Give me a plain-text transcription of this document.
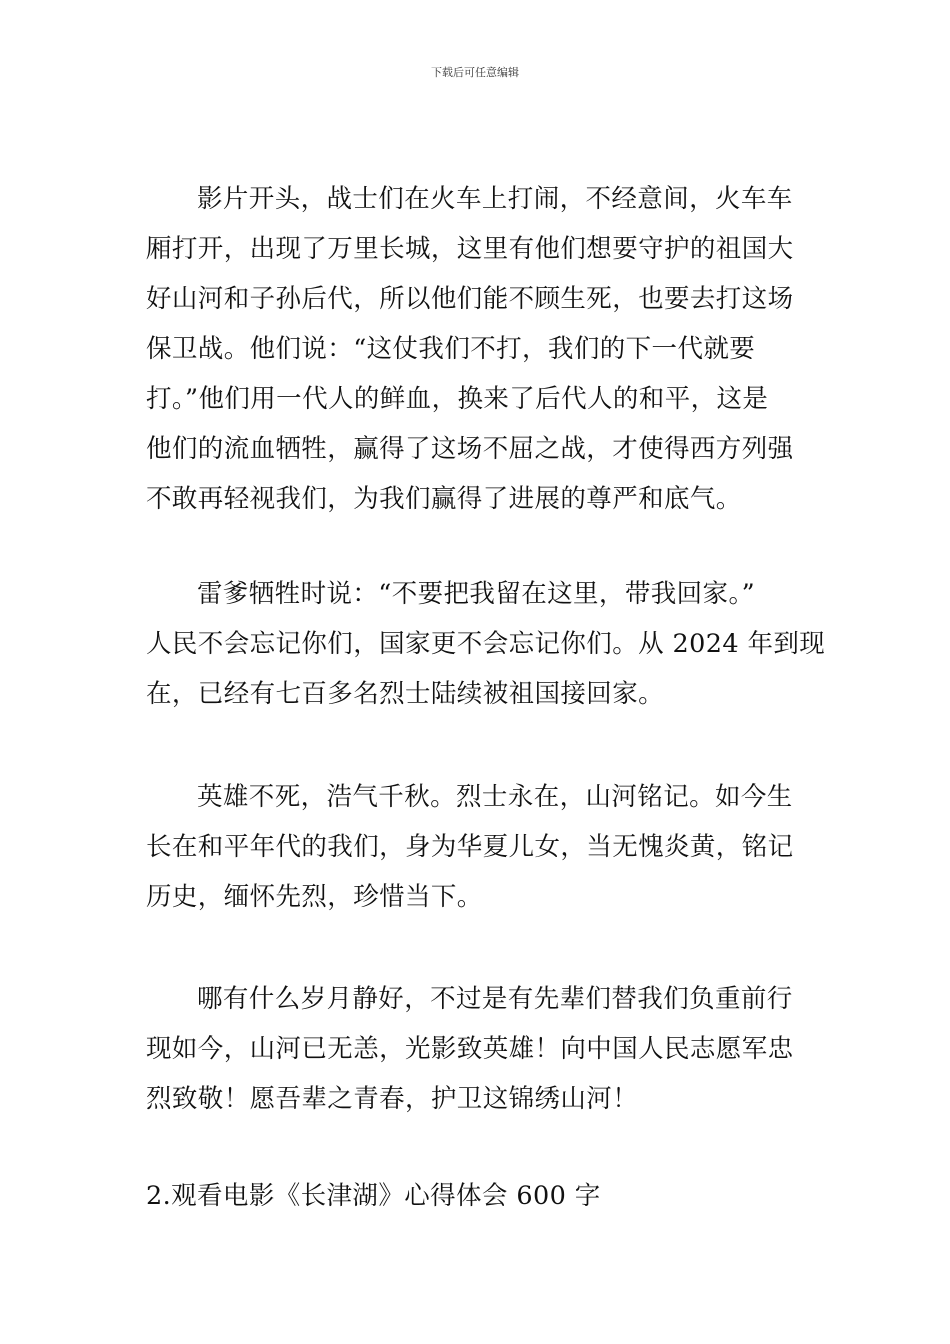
下载后可任意编辑
影片开头，战士们在火车上打闹，不经意间，火车车
厢打开，出现了万里长城，这里有他们想要守护的祖国大
好山河和子孙后代，所以他们能不顾生死，也要去打这场
保卫战。他们说：“这仗我们不打，我们的下一代就要
打。”他们用一代人的鲜血，换来了后代人的和平，这是
他们的流血牺牲，赢得了这场不屈之战，才使得西方列强
不敢再轻视我们，为我们赢得了进展的尊严和底气。
雷爹牺牲时说：“不要把我留在这里，带我回家。”
人民不会忘记你们，国家更不会忘记你们。从 2024 年到现
在，已经有七百多名烈士陆续被祖国接回家。
英雄不死，浩气千秋。烈士永在，山河铭记。如今生
长在和平年代的我们，身为华夏儿女，当无愧炎黄，铭记
历史，缅怀先烈，珍惜当下。
哪有什么岁月静好，不过是有先辈们替我们负重前行
现如今，山河已无恙，光影致英雄！向中国人民志愿军忠
烈致敬！愿吾辈之青春，护卫这锦绣山河！
2.观看电影《长津湖》心得体会 600 字
